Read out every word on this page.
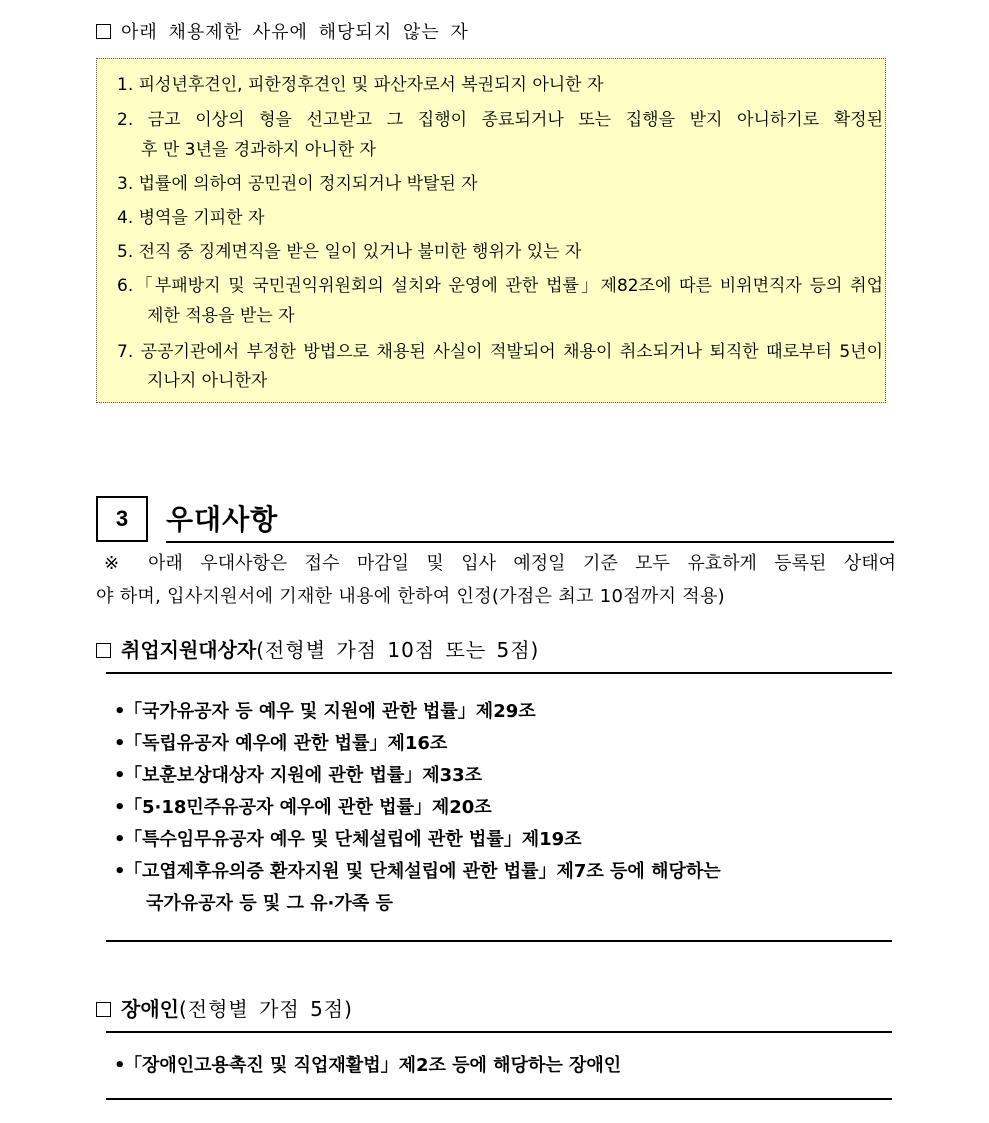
아래 채용제한 사유에 해당되지 않는 자
1. 피성년후견인, 피한정후견인 및 파산자로서 복권되지 아니한 자
2. 금고 이상의 형을 선고받고 그 집행이 종료되거나 또는 집행을 받지 아니하기로 확정된
후 만 3년을 경과하지 아니한 자
3. 법률에 의하여 공민권이 정지되거나 박탈된 자
4. 병역을 기피한 자
5. 전직 중 징계면직을 받은 일이 있거나 불미한 행위가 있는 자
6.「부패방지 및 국민권익위원회의 설치와 운영에 관한 법률」제82조에 따른 비위면직자 등의 취업
제한 적용을 받는 자
7. 공공기관에서 부정한 방법으로 채용된 사실이 적발되어 채용이 취소되거나 퇴직한 때로부터 5년이
지나지 아니한자
3	우대사항
※ 아래 우대사항은 접수 마감일 및 입사 예정일 기준 모두 유효하게 등록된 상태여
야 하며, 입사지원서에 기재한 내용에 한하여 인정(가점은 최고 10점까지 적용)
취업지원대상자(전형별 가점 10점 또는 5점)
•「국가유공자 등 예우 및 지원에 관한 법률」제29조
•「독립유공자 예우에 관한 법률」제16조
•「보훈보상대상자 지원에 관한 법률」제33조
•「5·18민주유공자 예우에 관한 법률」제20조
•「특수임무유공자 예우 및 단체설립에 관한 법률」제19조
•「고엽제후유의증 환자지원 및 단체설립에 관한 법률」제7조 등에 해당하는
국가유공자 등 및 그 유·가족 등
장애인(전형별 가점 5점)
•「장애인고용촉진 및 직업재활법」제2조 등에 해당하는 장애인
